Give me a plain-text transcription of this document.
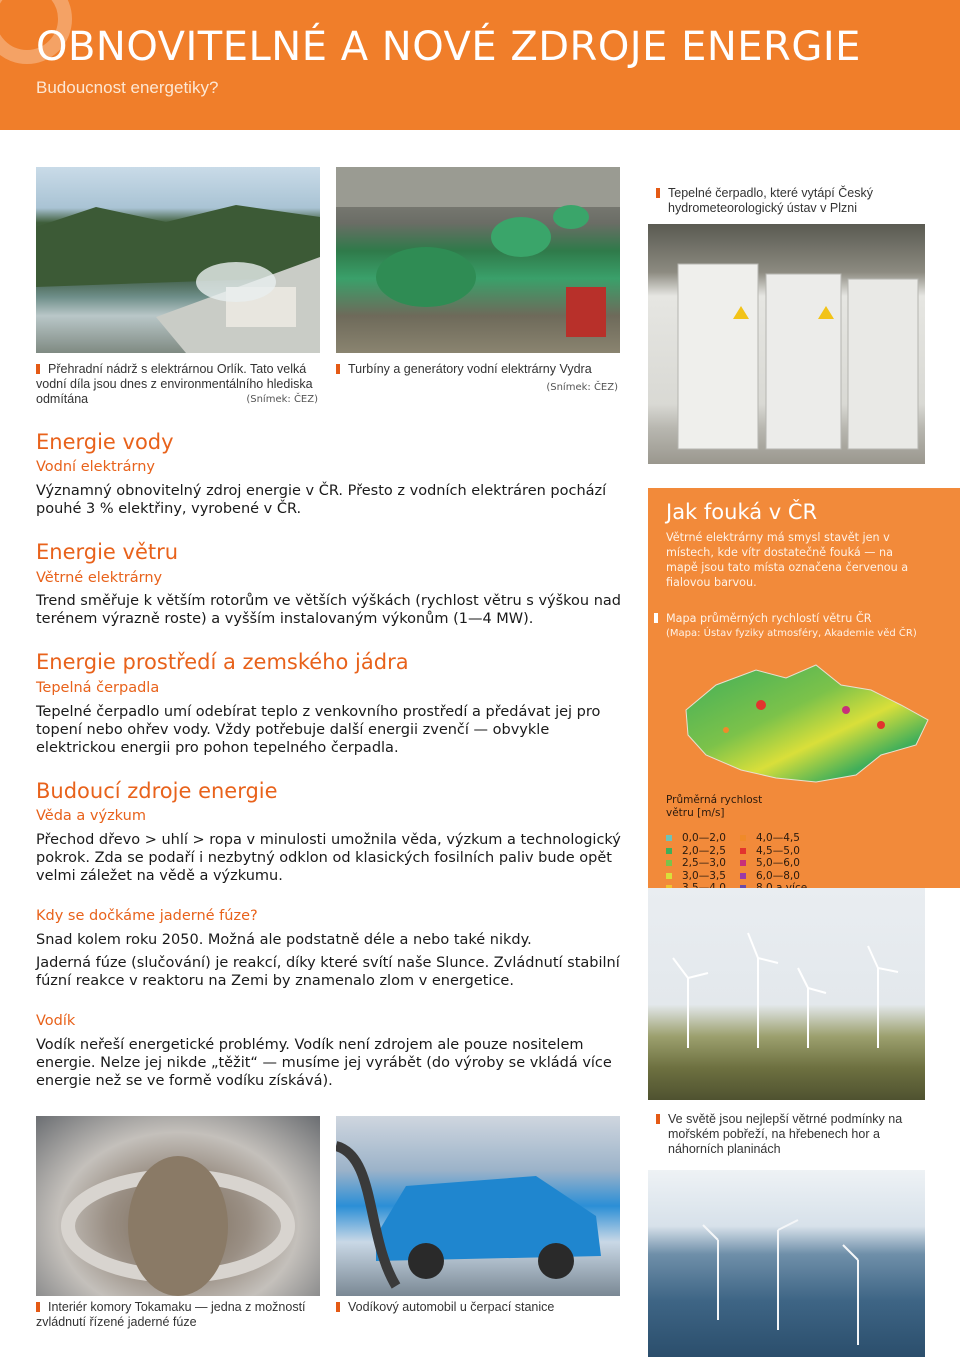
OBNOVITELNÉ A NOVÉ ZDROJE ENERGIE
Budoucnost energetiky?
Přehradní nádrž s elektrárnou Orlík. Tato velká vodní díla jsou dnes z environmentálního hlediska odmítána	(Snímek: ČEZ)
Turbíny a generátory vodní elektrárny Vydra
(Snímek: ČEZ)
Tepelné čerpadlo, které vytápí Český hydrometeorologický ústav v Plzni
Energie vody
Vodní elektrárny
Významný obnovitelný zdroj energie v ČR. Přesto z vodních elektráren pochází pouhé 3 % elektřiny, vyrobené v ČR.
Energie větru
Větrné elektrárny
Trend směřuje k větším rotorům ve větších výškách (rychlost větru s výškou nad terénem výrazně roste) a vyšším instalovaným výkonům (1—4 MW).
Energie prostředí a zemského jádra
Tepelná čerpadla
Tepelné čerpadlo umí odebírat teplo z venkovního prostředí a předávat jej pro topení nebo ohřev vody. Vždy potřebuje další energii zvenčí — obvykle elektrickou energii pro pohon tepelného čerpadla.
Budoucí zdroje energie
Věda a výzkum
Přechod dřevo > uhlí > ropa v minulosti umožnila věda, výzkum a technologický pokrok. Zda se podaří i nezbytný odklon od klasických fosilních paliv bude opět velmi záležet na vědě a výzkumu.
Kdy se dočkáme jaderné fúze?
Snad kolem roku 2050. Možná ale podstatně déle a nebo také nikdy.
Jaderná fúze (slučování) je reakcí, díky které svítí naše Slunce. Zvládnutí stabilní fúzní reakce v reaktoru na Zemi by znamenalo zlom v energetice.
Vodík
Vodík neřeší energetické problémy. Vodík není zdrojem ale pouze nositelem energie. Nelze jej nikde „těžit“ — musíme jej vyrábět (do výroby se vkládá více energie než se ve formě vodíku získává).
Jak fouká v ČR
Větrné elektrárny má smysl stavět jen v místech, kde vítr dostatečně fouká — na mapě jsou tato místa označena červenou a fialovou barvou.
Mapa průměrných rychlostí větru ČR
(Mapa: Ústav fyziky atmosféry, Akademie věd ČR)
Průměrná rychlost větru [m/s]
0,0—2,0
2,0—2,5
2,5—3,0
3,0—3,5
4,0—4,5
4,5—5,0
5,0—6,0
6,0—8,0
Ve světě jsou nejlepší větrné podmínky na mořském pobřeží, na hřebenech hor a náhorních planinách
Interiér komory Tokamaku — jedna z možností zvládnutí řízené jaderné fúze
Vodíkový automobil u čerpací stanice
